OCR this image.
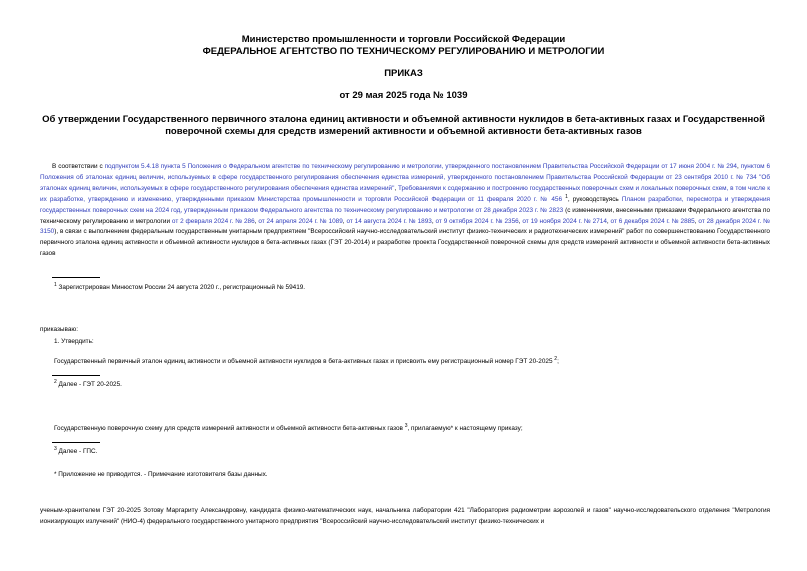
Министерство промышленности и торговли Российской Федерации
ФЕДЕРАЛЬНОЕ АГЕНТСТВО ПО ТЕХНИЧЕСКОМУ РЕГУЛИРОВАНИЮ И МЕТРОЛОГИИ
ПРИКАЗ
от 29 мая 2025 года № 1039
Об утверждении Государственного первичного эталона единиц активности и объемной активности нуклидов в бета-активных газах и Государственной поверочной схемы для средств измерений активности и объемной активности бета-активных газов
В соответствии с подпунктом 5.4.18 пункта 5 Положения о Федеральном агентстве по техническому регулированию и метрологии, утвержденного постановлением Правительства Российской Федерации от 17 июня 2004 г. № 294, пунктом 6 Положения об эталонах единиц величин, используемых в сфере государственного регулирования обеспечения единства измерений, утвержденного постановлением Правительства Российской Федерации от 23 сентября 2010 г. № 734 "Об эталонах единиц величин, используемых в сфере государственного регулирования обеспечения единства измерений", Требованиями к содержанию и построению государственных поверочных схем и локальных поверочных схем, в том числе к их разработке, утверждению и изменению, утвержденными приказом Министерства промышленности и торговли Российской Федерации от 11 февраля 2020 г. № 456 $^1$, руководствуясь Планом разработки, пересмотра и утверждения государственных поверочных схем на 2024 год, утвержденным приказом Федерального агентства по техническому регулированию и метрологии от 28 декабря 2023 г. № 2823 (с изменениями, внесенными приказами Федерального агентства по техническому регулированию и метрологии от 2 февраля 2024 г. № 286, от 24 апреля 2024 г. № 1089, от 14 августа 2024 г. № 1893, от 9 октября 2024 г. № 2356, от 19 ноября 2024 г. № 2714, от 6 декабря 2024 г. № 2885, от 28 декабря 2024 г. № 3150), в связи с выполнением федеральным государственным унитарным предприятием "Всероссийский научно-исследовательский институт физико-технических и радиотехнических измерений" работ по совершенствованию Государственного первичного эталона единиц активности и объемной активности нуклидов в бета-активных газах (ГЭТ 20-2014) и разработке проекта Государственной поверочной схемы для средств измерений активности и объемной активности бета-активных газов
$^1$ Зарегистрирован Минюстом России 24 августа 2020 г., регистрационный № 59419.
приказываю:
1. Утвердить:
Государственный первичный эталон единиц активности и объемной активности нуклидов в бета-активных газах и присвоить ему регистрационный номер ГЭТ 20-2025 $^2$;
$^2$ Далее - ГЭТ 20-2025.
Государственную поверочную схему для средств измерений активности и объемной активности бета-активных газов $^3$, прилагаемую* к настоящему приказу;
$^3$ Далее - ГПС.
* Приложение не приводится. - Примечание изготовителя базы данных.
ученым-хранителем ГЭТ 20-2025 Зотову Маргариту Александровну, кандидата физико-математических наук, начальника лаборатории 421 "Лаборатория радиометрии аэрозолей и газов" научно-исследовательского отделения "Метрология ионизирующих излучений" (НИО-4) федерального государственного унитарного предприятия "Всероссийский научно-исследовательский институт физико-технических и
